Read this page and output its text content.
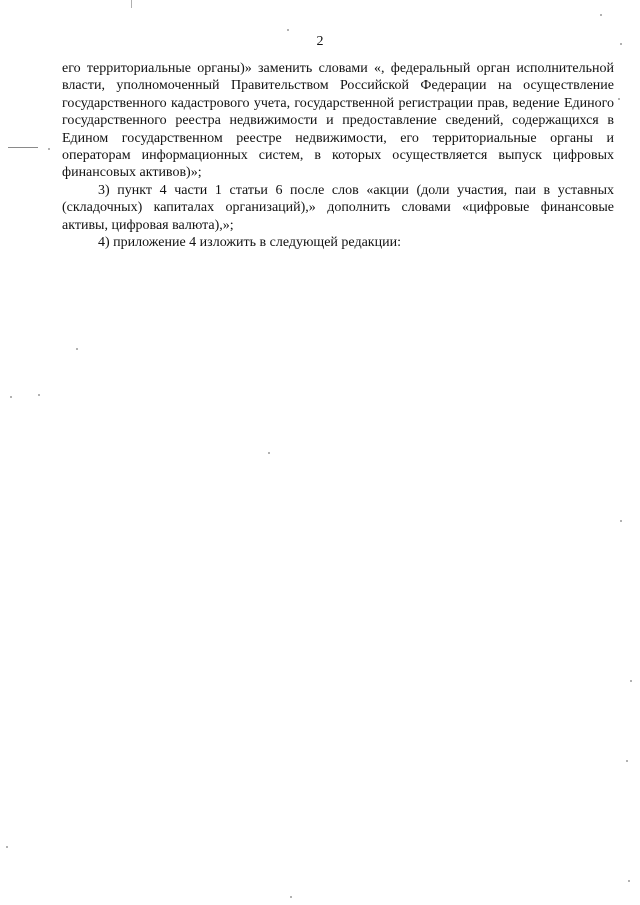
2

его территориальные органы)» заменить словами «, федеральный орган исполнительной власти, уполномоченный Правительством Российской Федерации на осуществление государственного кадастрового учета, государственной регистрации прав, ведение Единого государственного реестра недвижимости и предоставление сведений, содержащихся в Едином государственном реестре недвижимости, его территориальные органы и операторам информационных систем, в которых осуществляется выпуск цифровых финансовых активов)»;

3) пункт 4 части 1 статьи 6 после слов «акции (доли участия, паи в уставных (складочных) капиталах организаций),» дополнить словами «цифровые финансовые активы, цифровая валюта),»;

4) приложение 4 изложить в следующей редакции:
